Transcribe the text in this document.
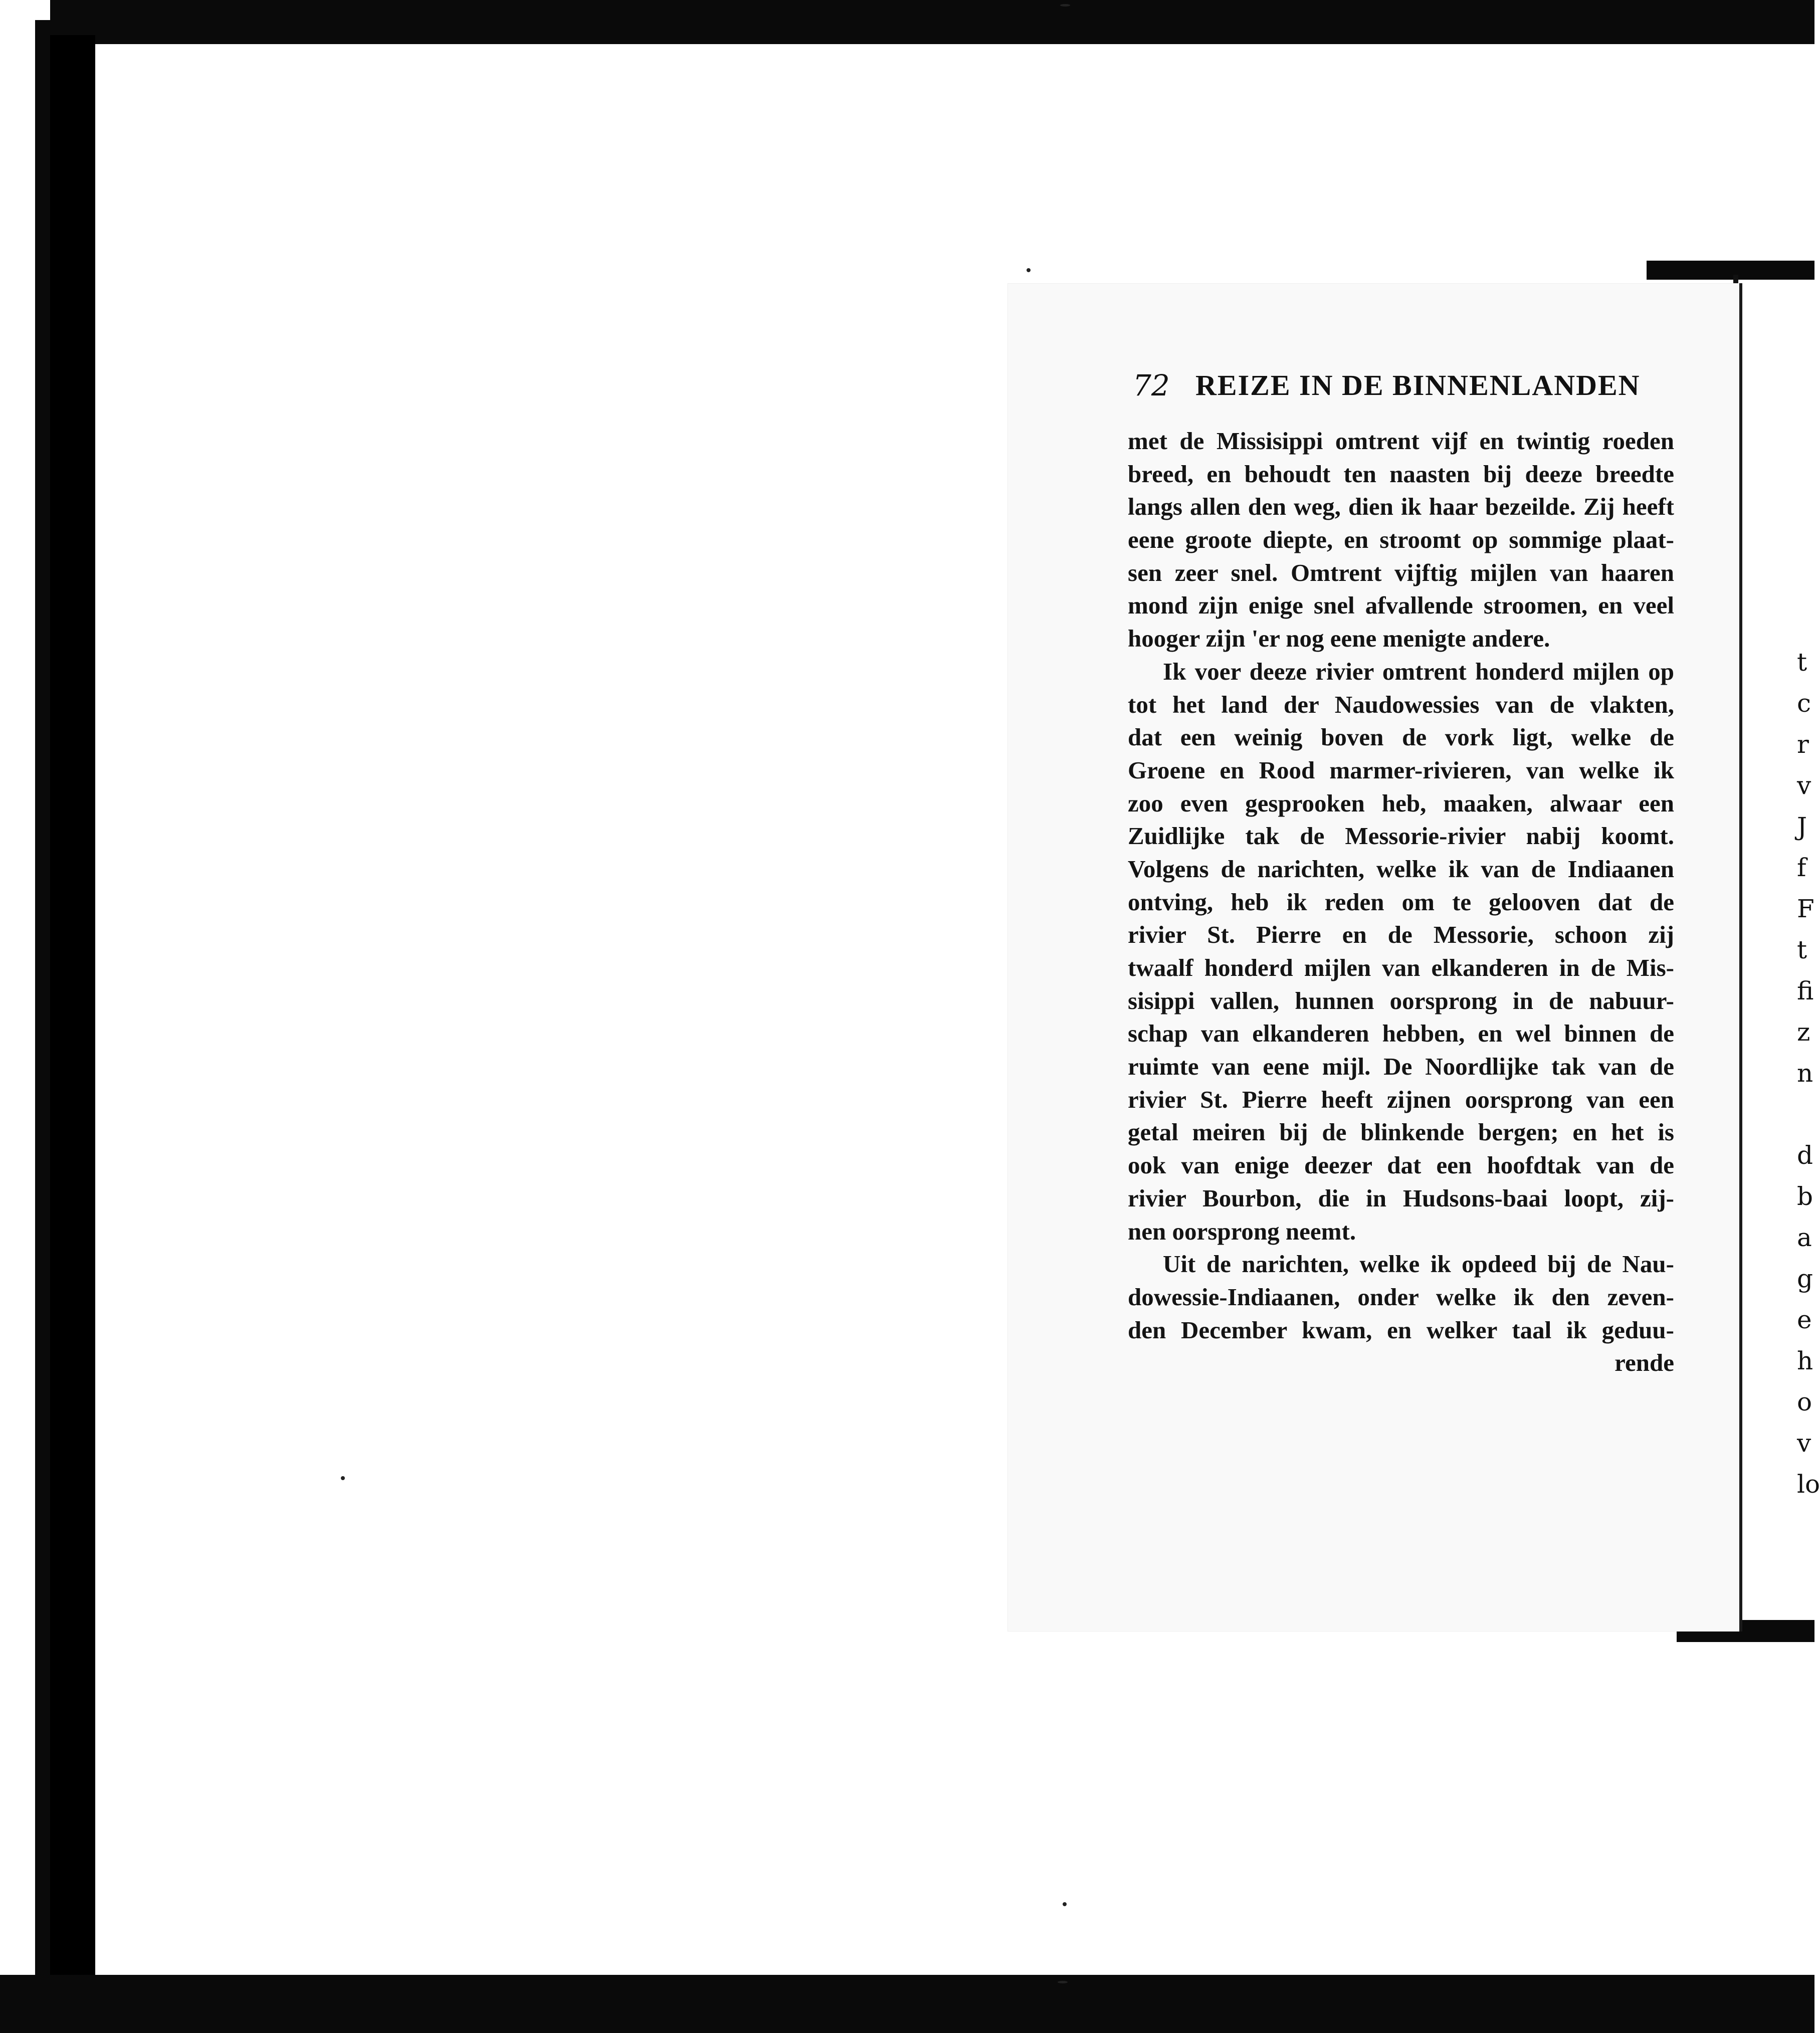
t
c
r
v
J
f
F
t
fi
z
n
d
b
a
g
e
h
o
v
lo
72 REIZE IN DE BINNENLANDEN
met de Missisippi omtrent vijf en twintig roeden
breed, en behoudt ten naasten bij deeze breedte
langs allen den weg, dien ik haar bezeilde. Zij heeft
eene groote diepte, en stroomt op sommige plaat-
sen zeer snel. Omtrent vijftig mijlen van haaren
mond zijn enige snel afvallende stroomen, en veel
hooger zijn 'er nog eene menigte andere.
Ik voer deeze rivier omtrent honderd mijlen op
tot het land der Naudowessies van de vlakten,
dat een weinig boven de vork ligt, welke de
Groene en Rood marmer-rivieren, van welke ik
zoo even gesprooken heb, maaken, alwaar een
Zuidlijke tak de Messorie-rivier nabij koomt.
Volgens de narichten, welke ik van de Indiaanen
ontving, heb ik reden om te gelooven dat de
rivier St. Pierre en de Messorie, schoon zij
twaalf honderd mijlen van elkanderen in de Mis-
sisippi vallen, hunnen oorsprong in de nabuur-
schap van elkanderen hebben, en wel binnen de
ruimte van eene mijl. De Noordlijke tak van de
rivier St. Pierre heeft zijnen oorsprong van een
getal meiren bij de blinkende bergen; en het is
ook van enige deezer dat een hoofdtak van de
rivier Bourbon, die in Hudsons-baai loopt, zij-
nen oorsprong neemt.
Uit de narichten, welke ik opdeed bij de Nau-
dowessie-Indiaanen, onder welke ik den zeven-
den December kwam, en welker taal ik geduu-
rende
